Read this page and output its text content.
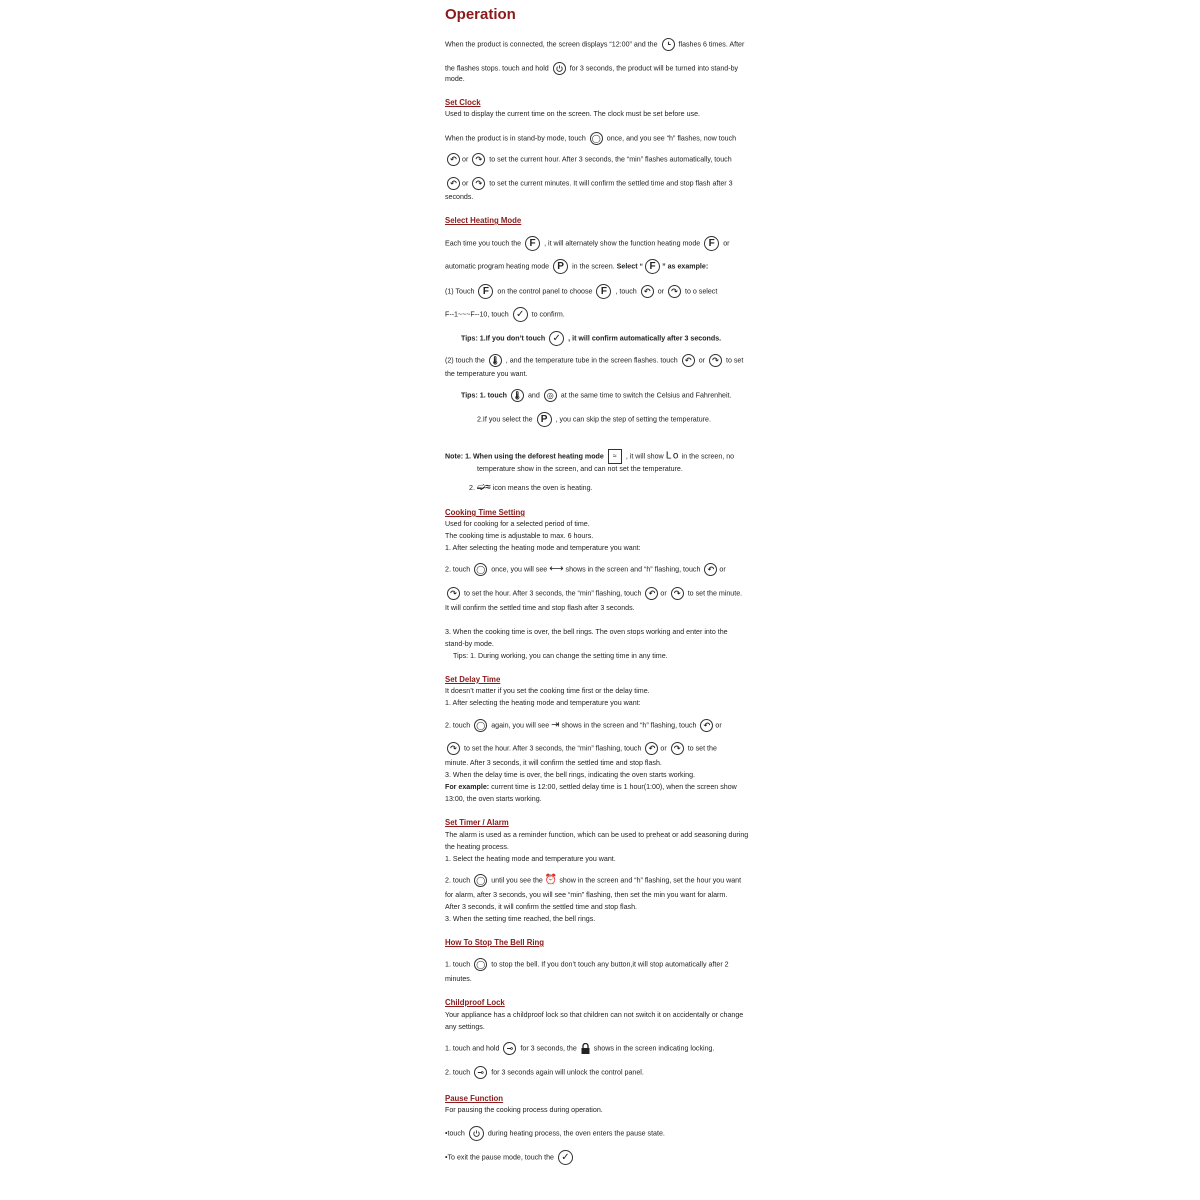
Operation
When the product is connected, the screen displays “12:00” and the	flashes 6 times. After
the flashes stops. touch and hold	for 3 seconds, the product will be turned into stand-by
mode.
Set Clock
Used to display the current time on the screen. The clock must be set before use.
When the product is in stand-by mode, touch ◯ once, and you see “h” flashes, now touch
↶ or ↷ to set the current hour. After 3 seconds, the “min” flashes automatically, touch
↶ or ↷ to set the current minutes. It will confirm the settled time and stop flash after 3
seconds.
Select Heating Mode
Each time you touch the F , it will alternately show the function heating mode F or
automatic program heating mode P in the screen. Select “ F ” as example:
(1) Touch F on the control panel to choose F , touch ↶ or ↷ to o select
F--1~~~F--10, touch ✓ to confirm.
Tips: 1.If you don’t touch ✓ , it will confirm automatically after 3 seconds.
(2) touch the 🌡 , and the temperature tube in the screen flashes. touch ↶ or ↷ to set
the temperature you want.
Tips: 1. touch 🌡 and ◎ at the same time to switch the Celsius and Fahrenheit.
2.If you select the P , you can skip the step of setting the temperature.
Note: 1. When using the deforest heating mode ≈ , it will show Lo in the screen, no
temperature show in the screen, and can not set the temperature.
2. ➫≈ icon means the oven is heating.
Cooking Time Setting
Used for cooking for a selected period of time.
The cooking time is adjustable to max. 6 hours.
1. After selecting the heating mode and temperature you want:
2. touch ◯ once, you will see ⟷ shows in the screen and “h” flashing, touch ↶ or
↷ to set the hour. After 3 seconds, the “min” flashing, touch ↶ or ↷ to set the minute.
It will confirm the settled time and stop flash after 3 seconds.
3. When the cooking time is over, the bell rings. The oven stops working and enter into the
stand-by mode.
Tips: 1. During working, you can change the setting time in any time.
Set Delay Time
It doesn’t matter if you set the cooking time first or the delay time.
1. After selecting the heating mode and temperature you want:
2. touch ◯ again, you will see ⇥ shows in the screen and “h” flashing, touch ↶ or
↷ to set the hour. After 3 seconds, the “min” flashing, touch ↶ or ↷ to set the
minute. After 3 seconds, it will confirm the settled time and stop flash.
3. When the delay time is over, the bell rings, indicating the oven starts working.
For example: current time is 12:00, settled delay time is 1 hour(1:00), when the screen show
13:00, the oven starts working.
Set Timer / Alarm
The alarm is used as a reminder function, which can be used to preheat or add seasoning during
the heating process.
1. Select the heating mode and temperature you want.
2. touch ◯ until you see the ⏰ show in the screen and “h” flashing, set the hour you want
for alarm, after 3 seconds, you will see “min” flashing, then set the min you want for alarm.
After 3 seconds, it will confirm the settled time and stop flash.
3. When the setting time reached, the bell rings.
How To Stop The Bell Ring
1. touch ◯ to stop the bell. If you don’t touch any button,it will stop automatically after 2
minutes.
Childproof Lock
Your appliance has a childproof lock so that children can not switch it on accidentally or change
any settings.
1. touch and hold ⊸ for 3 seconds, the shows in the screen indicating locking.
2. touch ⊸ for 3 seconds again will unlock the control panel.
Pause Function
For pausing the cooking process during operation.
•touch	during heating process, the oven enters the pause state.
•To exit the pause mode, touch the ✓
